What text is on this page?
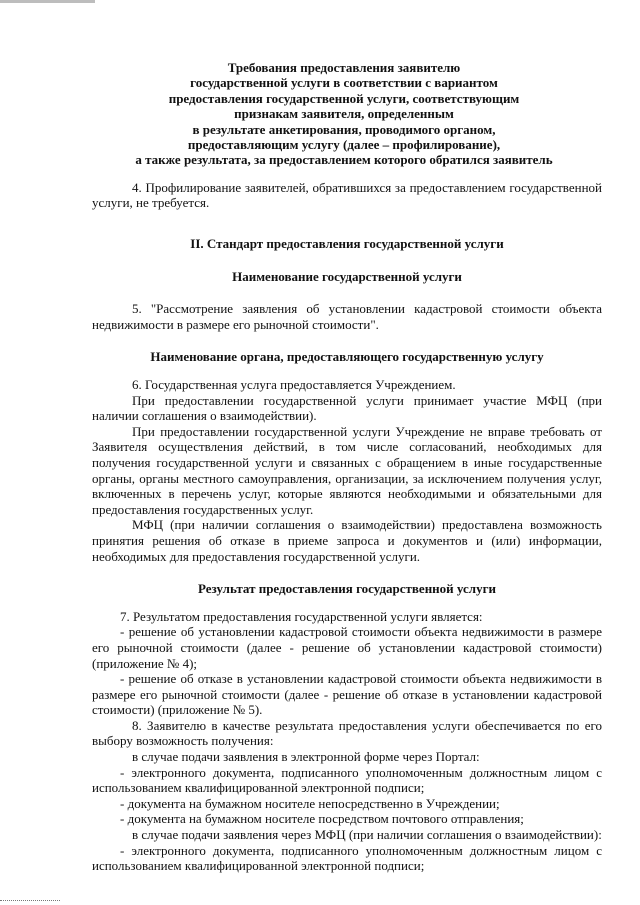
Требования предоставления заявителю
государственной услуги в соответствии с вариантом
предоставления государственной услуги, соответствующим
признакам заявителя, определенным
в результате анкетирования, проводимого органом,
предоставляющим услугу (далее – профилирование),
а также результата, за предоставлением которого обратился заявитель

4. Профилирование заявителей, обратившихся за предоставлением государственной услуги, не требуется.

II. Стандарт предоставления государственной услуги
Наименование государственной услуги

5. "Рассмотрение заявления об установлении кадастровой стоимости объекта недвижимости в размере его рыночной стоимости".

Наименование органа, предоставляющего государственную услугу

6. Государственная услуга предоставляется Учреждением.

При предоставлении государственной услуги принимает участие МФЦ (при наличии соглашения о взаимодействии).

При предоставлении государственной услуги Учреждение не вправе требовать от Заявителя осуществления действий, в том числе согласований, необходимых для получения государственной услуги и связанных с обращением в иные государственные органы, органы местного самоуправления, организации, за исключением получения услуг, включенных в перечень услуг, которые являются необходимыми и обязательными для предоставления государственных услуг.

МФЦ (при наличии соглашения о взаимодействии) предоставлена возможность принятия решения об отказе в приеме запроса и документов и (или) информации, необходимых для предоставления государственной услуги.

Результат предоставления государственной услуги

7. Результатом предоставления государственной услуги является:

- решение об установлении кадастровой стоимости объекта недвижимости в размере его рыночной стоимости (далее - решение об установлении кадастровой стоимости) (приложение № 4);

- решение об отказе в установлении кадастровой стоимости объекта недвижимости в размере его рыночной стоимости (далее - решение об отказе в установлении кадастровой стоимости) (приложение № 5).

8. Заявителю в качестве результата предоставления услуги обеспечивается по его выбору возможность получения:

в случае подачи заявления в электронной форме через Портал:

- электронного документа, подписанного уполномоченным должностным лицом с использованием квалифицированной электронной подписи;

- документа на бумажном носителе непосредственно в Учреждении;

- документа на бумажном носителе посредством почтового отправления;

в случае подачи заявления через МФЦ (при наличии соглашения о взаимодействии):

- электронного документа, подписанного уполномоченным должностным лицом с использованием квалифицированной электронной подписи;
